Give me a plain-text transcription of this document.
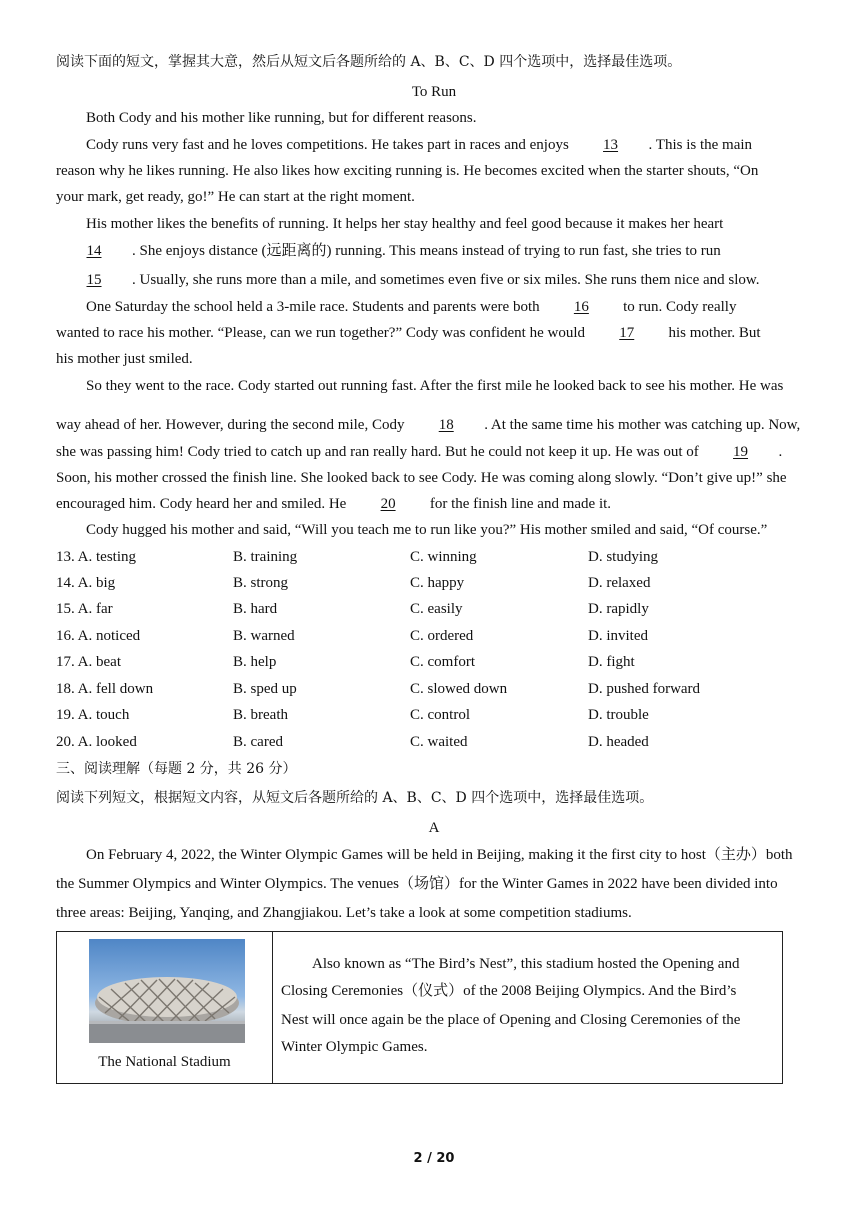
阅读下面的短文，掌握其大意，然后从短文后各题所给的 A、B、C、D 四个选项中，选择最佳选项。
To Run
Both Cody and his mother like running, but for different reasons.
Cody runs very fast and he loves competitions. He takes part in races and enjoys 13 . This is the main
reason why he likes running. He also likes how exciting running is. He becomes excited when the starter shouts, “On
your mark, get ready, go!” He can start at the right moment.
His mother likes the benefits of running. It helps her stay healthy and feel good because it makes her heart
14 . She enjoys distance (远距离的) running. This means instead of trying to run fast, she tries to run
15 . Usually, she runs more than a mile, and sometimes even five or six miles. She runs them nice and slow.
One Saturday the school held a 3-mile race. Students and parents were both 16 to run. Cody really
wanted to race his mother. “Please, can we run together?” Cody was confident he would 17 his mother. But
his mother just smiled.
So they went to the race. Cody started out running fast. After the first mile he looked back to see his mother. He was
way ahead of her. However, during the second mile, Cody 18 . At the same time his mother was catching up. Now,
she was passing him! Cody tried to catch up and ran really hard. But he could not keep it up. He was out of 19 .
Soon, his mother crossed the finish line. She looked back to see Cody. He was coming along slowly. “Don’t give up!” she
encouraged him. Cody heard her and smiled. He 20 for the finish line and made it.
Cody hugged his mother and said, “Will you teach me to run like you?” His mother smiled and said, “Of course.”
13. A. testing	B. training	C. winning	D. studying
14. A. big	B. strong	C. happy	D. relaxed
15. A. far	B. hard	C. easily	D. rapidly
16. A. noticed	B. warned	C. ordered	D. invited
17. A. beat	B. help	C. comfort	D. fight
18. A. fell down	B. sped up	C. slowed down	D. pushed forward
19. A. touch	B. breath	C. control	D. trouble
20. A. looked	B. cared	C. waited	D. headed
三、阅读理解（每题 2 分，共 26 分）
阅读下列短文，根据短文内容，从短文后各题所给的 A、B、C、D 四个选项中，选择最佳选项。
A
On February 4, 2022, the Winter Olympic Games will be held in Beijing, making it the first city to host（主办）both
the Summer Olympics and Winter Olympics. The venues（场馆）for the Winter Games in 2022 have been divided into
three areas: Beijing, Yanqing, and Zhangjiakou. Let’s take a look at some competition stadiums.
The National Stadium

Also known as “The Bird’s Nest”, this stadium hosted the Opening and
Closing Ceremonies（仪式）of the 2008 Beijing Olympics. And the Bird’s
Nest will once again be the place of Opening and Closing Ceremonies of the
Winter Olympic Games.
2 / 20
